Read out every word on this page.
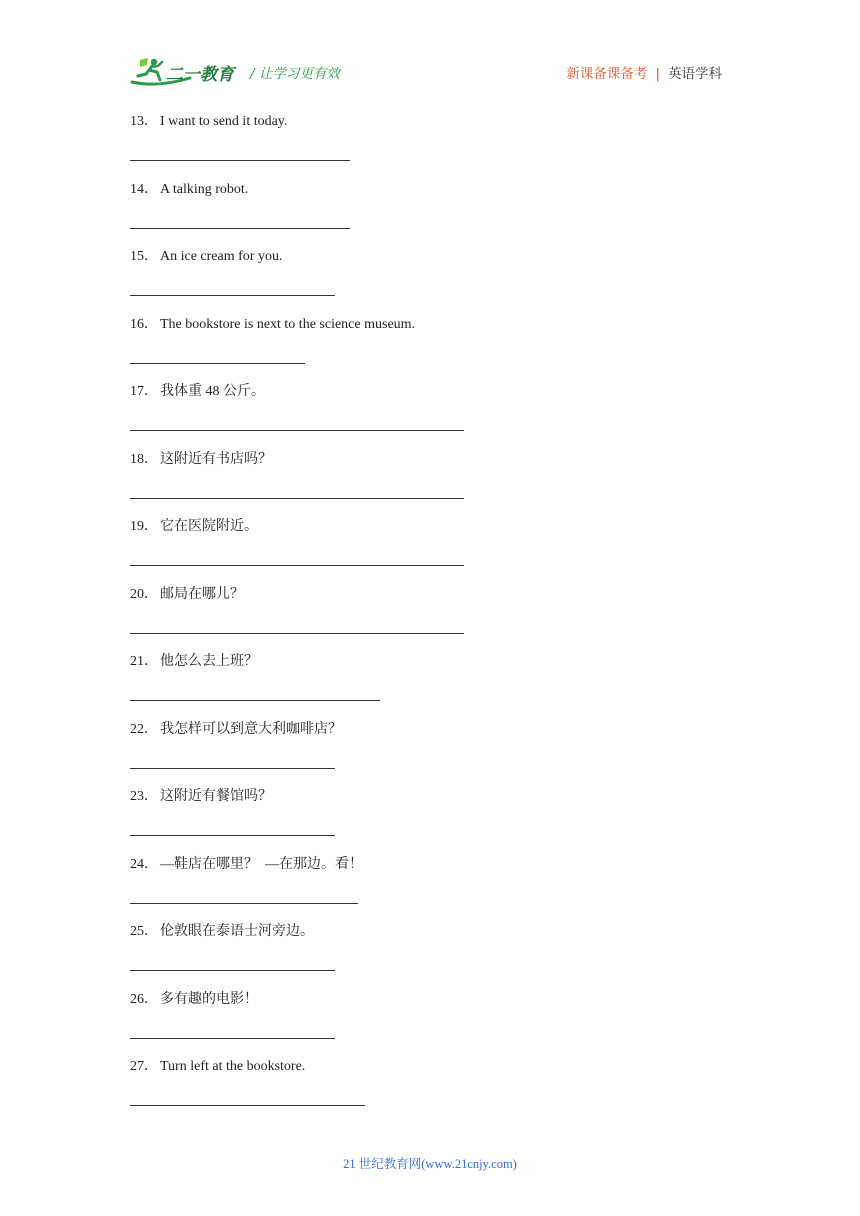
二一教育 / 让学习更有效	新课备课备考 | 英语学科
13． I want to send it today.
14． A talking robot.
15． An ice cream for you.
16． The bookstore is next to the science museum.
17． 我体重 48 公斤。
18． 这附近有书店吗？
19． 它在医院附近。
20． 邮局在哪儿？
21． 他怎么去上班？
22． 我怎样可以到意大利咖啡店？
23． 这附近有餐馆吗？
24． —鞋店在哪里？  —在那边。看！
25． 伦敦眼在泰语士河旁边。
26． 多有趣的电影！
27． Turn left at the bookstore.
21 世纪教育网(www.21cnjy.com)
